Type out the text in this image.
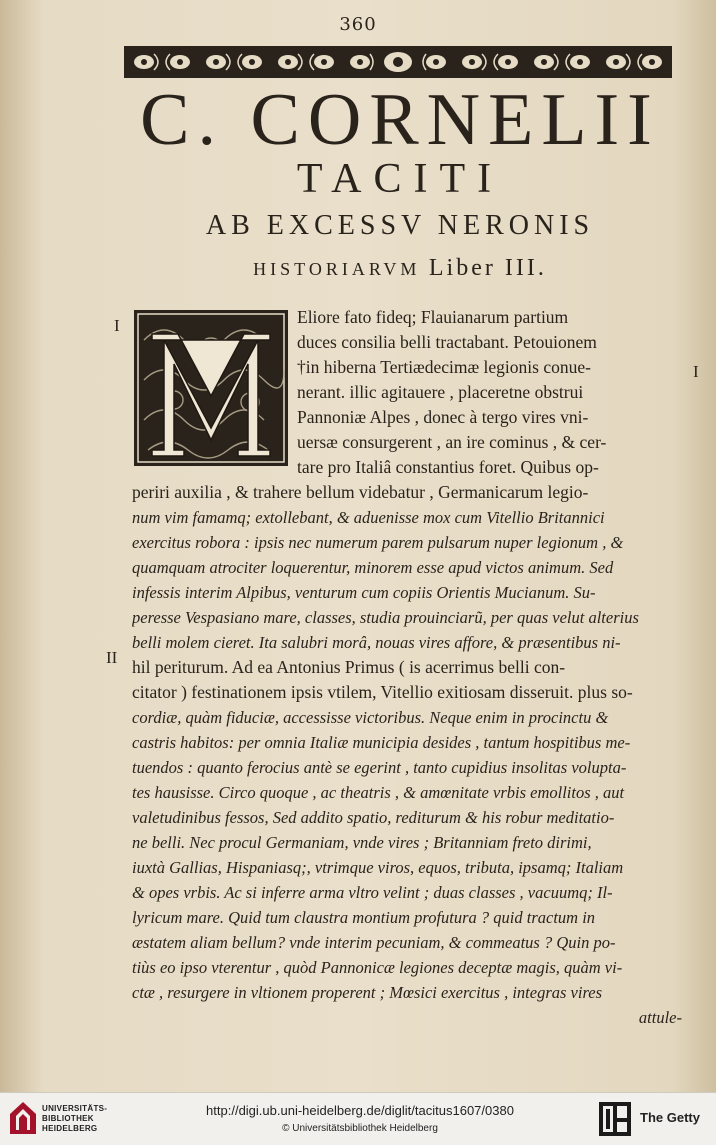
360
C. CORNELII
TACITI
AB EXCESSV NERONIS
HISTORIARVM Liber III.
I
I
II
Eliore fato fideq; Flauianarum partium
duces consilia belli tractabant. Petouionem
†in hiberna Tertiædecimæ legionis conue-
nerant. illic agitauere , placeretne obstrui
Pannoniæ Alpes , donec à tergo vires vni-
uersæ consurgerent , an ire cominus , & cer-
tare pro Italiâ constantius foret. Quibus op-
periri auxilia , & trahere bellum videbatur , Germanicarum legio-
num vim famamq; extollebant, & aduenisse mox cum Vitellio Britannici
exercitus robora : ipsis nec numerum parem pulsarum nuper legionum , &
quamquam atrociter loquerentur, minorem esse apud victos animum. Sed
infessis interim Alpibus, venturum cum copiis Orientis Mucianum. Su-
peresse Vespasiano mare, classes, studia prouinciarũ, per quas velut alterius
belli molem cieret. Ita salubri morâ, nouas vires affore, & præsentibus ni-
hil periturum. Ad ea Antonius Primus ( is acerrimus belli con-
citator ) festinationem ipsis vtilem, Vitellio exitiosam disseruit. plus so-
cordiæ, quàm fiduciæ, accessisse victoribus. Neque enim in procinctu &
castris habitos: per omnia Italiæ municipia desides , tantum hospitibus me-
tuendos : quanto ferocius antè se egerint , tanto cupidius insolitas volupta-
tes hausisse. Circo quoque , ac theatris , & amœnitate vrbis emollitos , aut
valetudinibus fessos, Sed addito spatio, rediturum & his robur meditatio-
ne belli. Nec procul Germaniam, vnde vires ; Britanniam freto dirimi,
iuxtà Gallias, Hispaniasq;, vtrimque viros, equos, tributa, ipsamq; Italiam
& opes vrbis. Ac si inferre arma vltro velint ; duas classes , vacuumq; Il-
lyricum mare. Quid tum claustra montium profutura ? quid tractum in
æstatem aliam bellum? vnde interim pecuniam, & commeatus ? Quin po-
tiùs eo ipso vterentur , quòd Pannonicæ legiones deceptæ magis, quàm vi-
ctæ , resurgere in vltionem properent ; Mœsici exercitus , integras vires
attule-
UNIVERSITÄTS-
BIBLIOTHEK
HEIDELBERG
http://digi.ub.uni-heidelberg.de/diglit/tacitus1607/0380
© Universitätsbibliothek Heidelberg
The Getty
